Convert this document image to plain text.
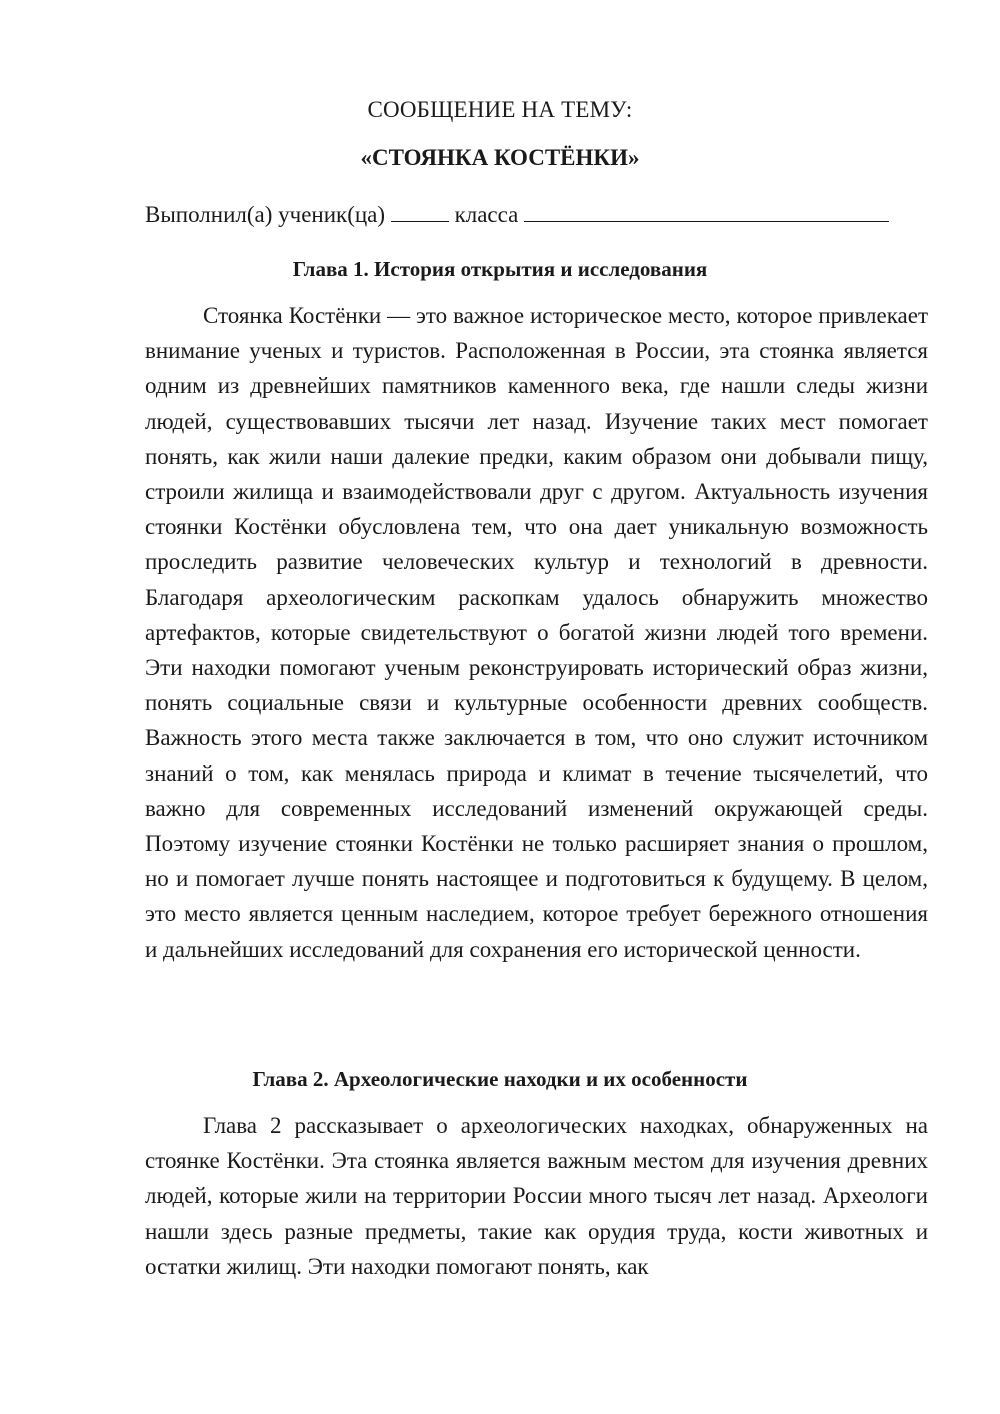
СООБЩЕНИЕ НА ТЕМУ:
«СТОЯНКА КОСТЁНКИ»
Выполнил(а) ученик(ца)	класса
Глава 1. История открытия и исследования

Стоянка Костёнки — это важное историческое место, которое привлекает внимание ученых и туристов. Расположенная в России, эта стоянка является одним из древнейших памятников каменного века, где нашли следы жизни людей, существовавших тысячи лет назад. Изучение таких мест помогает понять, как жили наши далекие предки, каким образом они добывали пищу, строили жилища и взаимодействовали друг с другом. Актуальность изучения стоянки Костёнки обусловлена тем, что она дает уникальную возможность проследить развитие человеческих культур и технологий в древности. Благодаря археологическим раскопкам удалось обнаружить множество артефактов, которые свидетельствуют о богатой жизни людей того времени. Эти находки помогают ученым реконструировать исторический образ жизни, понять социальные связи и культурные особенности древних сообществ. Важность этого места также заключается в том, что оно служит источником знаний о том, как менялась природа и климат в течение тысячелетий, что важно для современных исследований изменений окружающей среды. Поэтому изучение стоянки Костёнки не только расширяет знания о прошлом, но и помогает лучше понять настоящее и подготовиться к будущему. В целом, это место является ценным наследием, которое требует бережного отношения и дальнейших исследований для сохранения его исторической ценности.

Глава 2. Археологические находки и их особенности

Глава 2 рассказывает о археологических находках, обнаруженных на стоянке Костёнки. Эта стоянка является важным местом для изучения древних людей, которые жили на территории России много тысяч лет назад. Археологи нашли здесь разные предметы, такие как орудия труда, кости животных и остатки жилищ. Эти находки помогают понять, как
